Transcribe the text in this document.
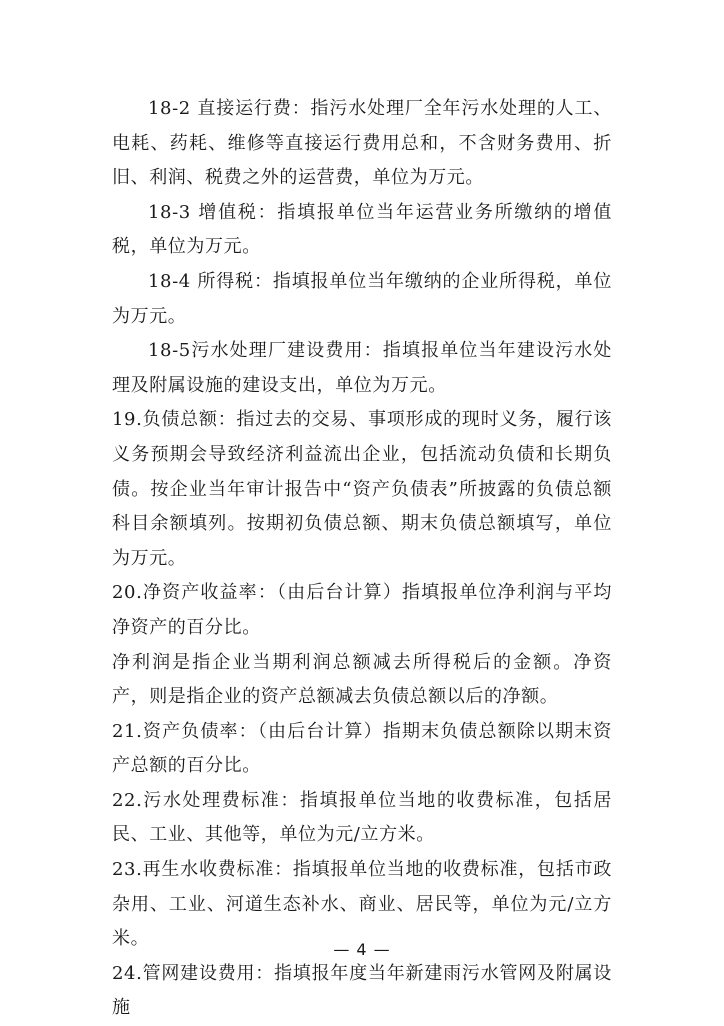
18-2 直接运行费：指污水处理厂全年污水处理的人工、电耗、药耗、维修等直接运行费用总和，不含财务费用、折旧、利润、税费之外的运营费，单位为万元。

18-3 增值税：指填报单位当年运营业务所缴纳的增值税，单位为万元。

18-4 所得税：指填报单位当年缴纳的企业所得税，单位为万元。

18-5污水处理厂建设费用：指填报单位当年建设污水处理及附属设施的建设支出，单位为万元。

19.负债总额：指过去的交易、事项形成的现时义务，履行该义务预期会导致经济利益流出企业，包括流动负债和长期负债。按企业当年审计报告中“资产负债表”所披露的负债总额科目余额填列。按期初负债总额、期末负债总额填写，单位为万元。

20.净资产收益率：（由后台计算）指填报单位净利润与平均净资产的百分比。

净利润是指企业当期利润总额减去所得税后的金额。净资产，则是指企业的资产总额减去负债总额以后的净额。

21.资产负债率：（由后台计算）指期末负债总额除以期末资产总额的百分比。

22.污水处理费标准：指填报单位当地的收费标准，包括居民、工业、其他等，单位为元/立方米。

23.再生水收费标准：指填报单位当地的收费标准，包括市政杂用、工业、河道生态补水、商业、居民等，单位为元/立方米。

24.管网建设费用：指填报年度当年新建雨污水管网及附属设施

— 4 —
